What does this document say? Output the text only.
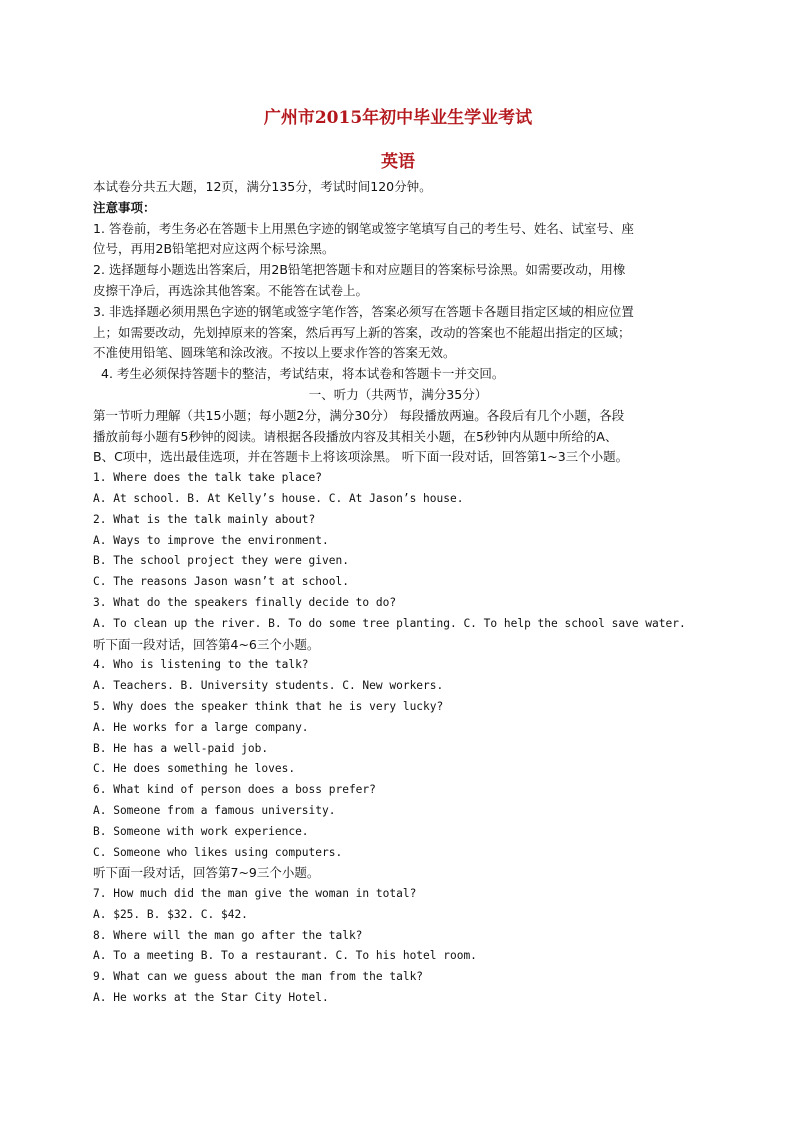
广州市2015年初中毕业生学业考试
英语
本试卷分共五大题，12页，满分135分，考试时间120分钟。
注意事项：
1. 答卷前，考生务必在答题卡上用黑色字迹的钢笔或签字笔填写自己的考生号、姓名、试室号、座
位号，再用2B铅笔把对应这两个标号涂黑。
2. 选择题每小题选出答案后，用2B铅笔把答题卡和对应题目的答案标号涂黑。如需要改动，用橡
皮擦干净后，再选涂其他答案。不能答在试卷上。
3. 非选择题必须用黑色字迹的钢笔或签字笔作答，答案必须写在答题卡各题目指定区域的相应位置
上；如需要改动，先划掉原来的答案，然后再写上新的答案，改动的答案也不能超出指定的区域；
不准使用铅笔、圆珠笔和涂改液。不按以上要求作答的答案无效。
4. 考生必须保持答题卡的整洁，考试结束，将本试卷和答题卡一并交回。
一、听力（共两节，满分35分）
第一节听力理解（共15小题；每小题2分，满分30分） 每段播放两遍。各段后有几个小题，各段
播放前每小题有5秒钟的阅读。请根据各段播放内容及其相关小题，在5秒钟内从题中所给的A、
B、C项中，选出最佳选项，并在答题卡上将该项涂黑。 听下面一段对话，回答第1~3三个小题。
1. Where does the talk take place?
A. At school. B. At Kelly’s house. C. At Jason’s house.
2. What is the talk mainly about?
A. Ways to improve the environment.
B. The school project they were given.
C. The reasons Jason wasn’t at school.
3. What do the speakers finally decide to do?
A. To clean up the river. B. To do some tree planting. C. To help the school save water.
听下面一段对话，回答第4~6三个小题。
4. Who is listening to the talk?
A. Teachers. B. University students. C. New workers.
5. Why does the speaker think that he is very lucky?
A. He works for a large company.
B. He has a well-paid job.
C. He does something he loves.
6. What kind of person does a boss prefer?
A. Someone from a famous university.
B. Someone with work experience.
C. Someone who likes using computers.
听下面一段对话，回答第7~9三个小题。
7. How much did the man give the woman in total?
A. $25. B. $32. C. $42.
8. Where will the man go after the talk?
A. To a meeting B. To a restaurant. C. To his hotel room.
9. What can we guess about the man from the talk?
A. He works at the Star City Hotel.
